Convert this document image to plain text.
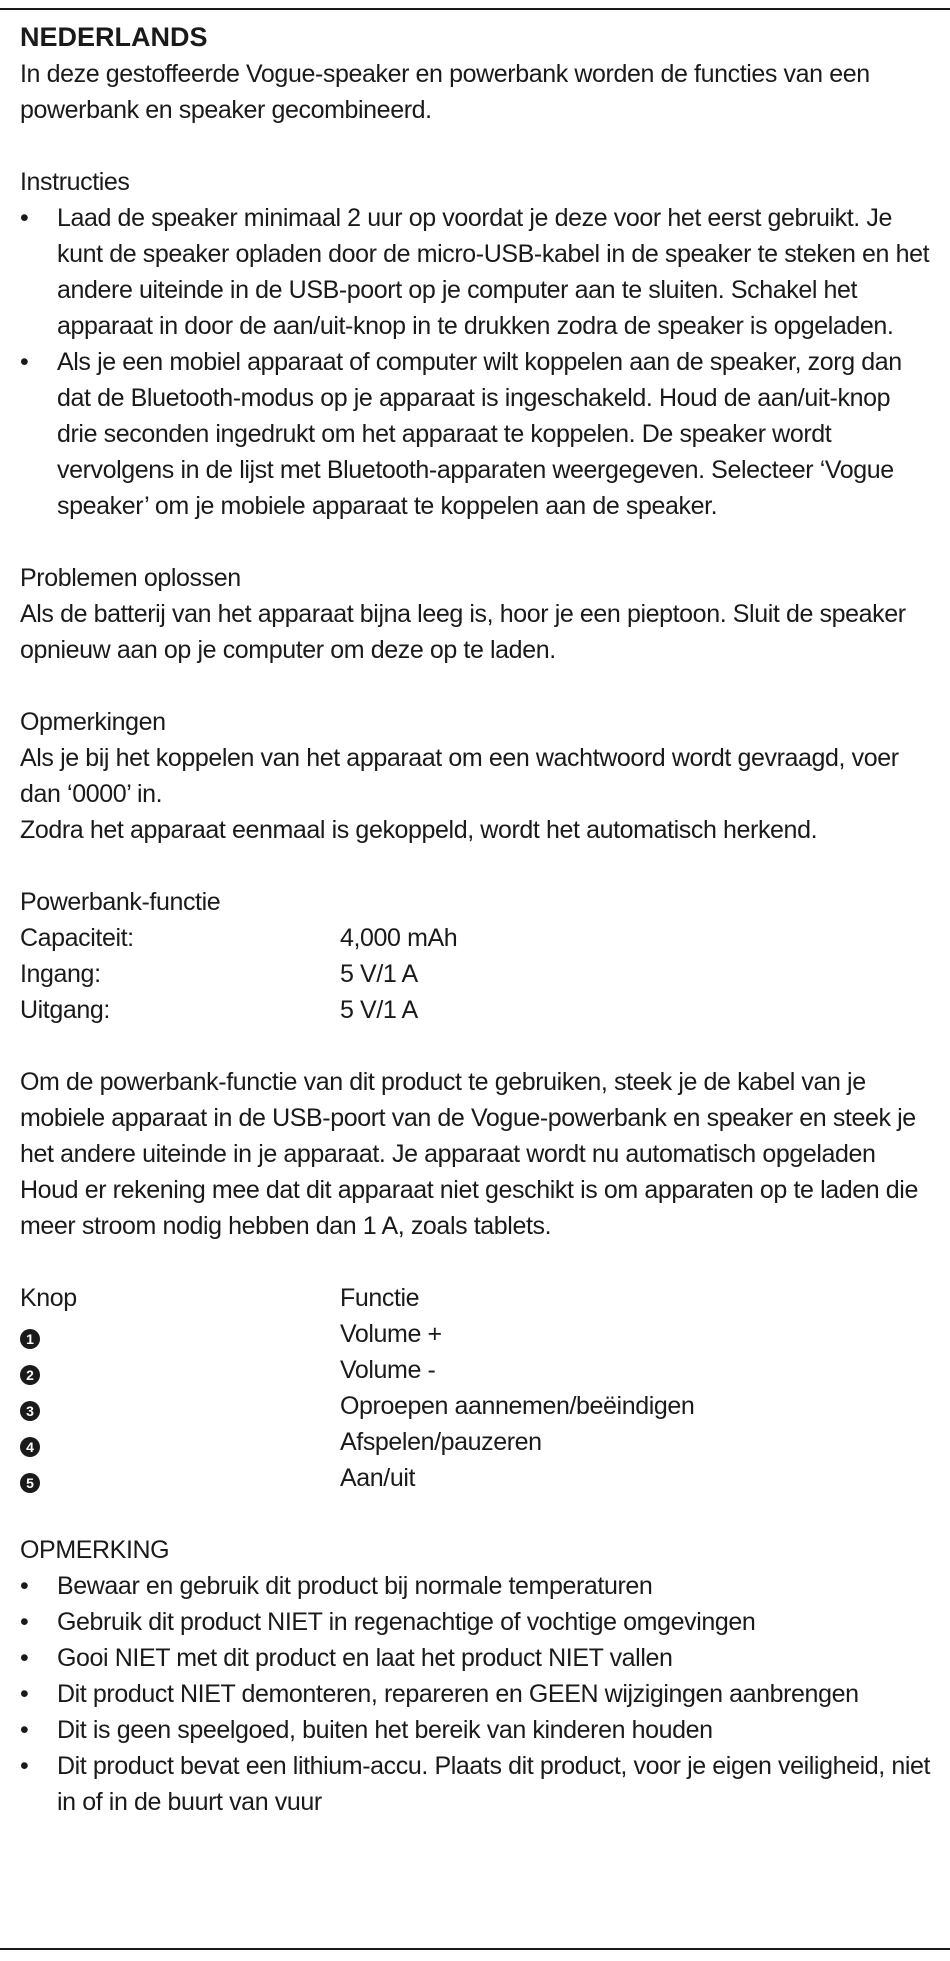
NEDERLANDS

In deze gestoffeerde Vogue-speaker en powerbank worden de functies van een powerbank en speaker gecombineerd.

Instructies

• Laad de speaker minimaal 2 uur op voordat je deze voor het eerst gebruikt. Je kunt de speaker opladen door de micro-USB-kabel in de speaker te steken en het andere uiteinde in de USB-poort op je computer aan te sluiten. Schakel het apparaat in door de aan/uit-knop in te drukken zodra de speaker is opgeladen.
• Als je een mobiel apparaat of computer wilt koppelen aan de speaker, zorg dan dat de Bluetooth-modus op je apparaat is ingeschakeld. Houd de aan/uit-knop drie seconden ingedrukt om het apparaat te koppelen. De speaker wordt vervolgens in de lijst met Bluetooth-apparaten weergegeven. Selecteer ‘Vogue speaker’ om je mobiele apparaat te koppelen aan de speaker.

Problemen oplossen

Als de batterij van het apparaat bijna leeg is, hoor je een pieptoon. Sluit de speaker opnieuw aan op je computer om deze op te laden.

Opmerkingen

Als je bij het koppelen van het apparaat om een wachtwoord wordt gevraagd, voer dan ‘0000’ in.

Zodra het apparaat eenmaal is gekoppeld, wordt het automatisch herkend.

Powerbank-functie

Capaciteit:	4,000 mAh
Ingang:	5 V/1 A
Uitgang:	5 V/1 A

Om de powerbank-functie van dit product te gebruiken, steek je de kabel van je mobiele apparaat in de USB-poort van de Vogue-powerbank en speaker en steek je het andere uiteinde in je apparaat. Je apparaat wordt nu automatisch opgeladen Houd er rekening mee dat dit apparaat niet geschikt is om apparaten op te laden die meer stroom nodig hebben dan 1 A, zoals tablets.

Knop	Functie
1	Volume +
2	Volume -
3	Oproepen aannemen/beëindigen
4	Afspelen/pauzeren
5	Aan/uit

OPMERKING

• Bewaar en gebruik dit product bij normale temperaturen
• Gebruik dit product NIET in regenachtige of vochtige omgevingen
• Gooi NIET met dit product en laat het product NIET vallen
• Dit product NIET demonteren, repareren en GEEN wijzigingen aanbrengen
• Dit is geen speelgoed, buiten het bereik van kinderen houden
• Dit product bevat een lithium-accu. Plaats dit product, voor je eigen veiligheid, niet in of in de buurt van vuur
